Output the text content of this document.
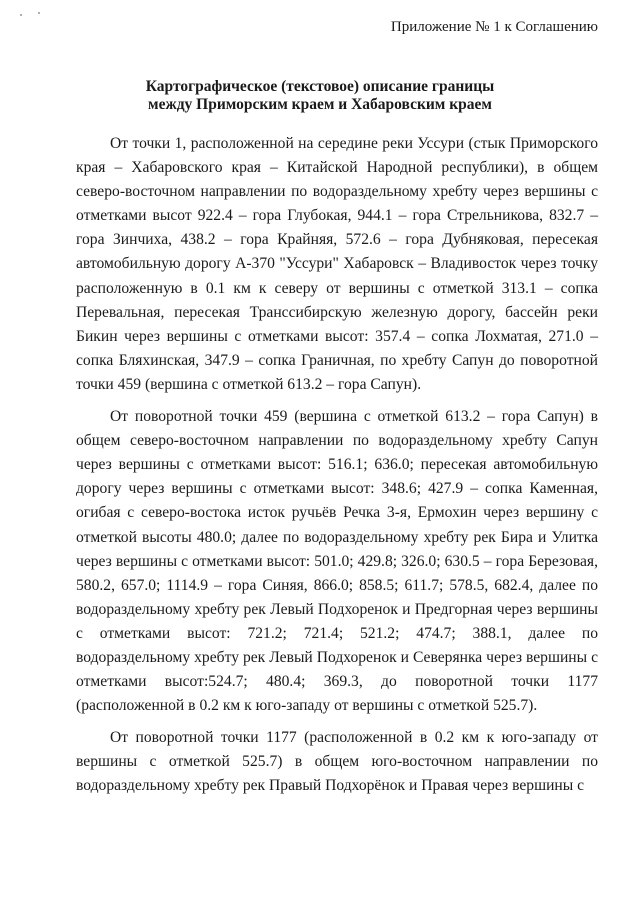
Приложение № 1 к Соглашению
Картографическое (текстовое) описание границы
между Приморским краем и Хабаровским краем

От точки 1, расположенной на середине реки Уссури (стык Приморского края – Хабаровского края – Китайской Народной республики), в общем северо-восточном направлении по водораздельному хребту через вершины с отметками высот 922.4 – гора Глубокая, 944.1 – гора Стрельникова, 832.7 – гора Зинчиха, 438.2 – гора Крайняя, 572.6 – гора Дубняковая, пересекая автомобильную дорогу А-370 "Уссури" Хабаровск – Владивосток через точку расположенную в 0.1 км к северу от вершины с отметкой 313.1 – сопка Перевальная, пересекая Транссибирскую железную дорогу, бассейн реки Бикин через вершины с отметками высот: 357.4 – сопка Лохматая, 271.0 – сопка Бляхинская, 347.9 – сопка Граничная, по хребту Сапун до поворотной точки 459 (вершина с отметкой 613.2 – гора Сапун).

От поворотной точки 459 (вершина с отметкой 613.2 – гора Сапун) в общем северо-восточном направлении по водораздельному хребту Сапун через вершины с отметками высот: 516.1; 636.0; пересекая автомобильную дорогу через вершины с отметками высот: 348.6; 427.9 – сопка Каменная, огибая с северо-востока исток ручьёв Речка 3-я, Ермохин через вершину с отметкой высоты 480.0; далее по водораздельному хребту рек Бира и Улитка через вершины с отметками высот: 501.0; 429.8; 326.0; 630.5 – гора Березовая, 580.2, 657.0; 1114.9 – гора Синяя, 866.0; 858.5; 611.7; 578.5, 682.4, далее по водораздельному хребту рек Левый Подхоренок и Предгорная через вершины с отметками высот: 721.2; 721.4; 521.2; 474.7; 388.1, далее по водораздельному хребту рек Левый Подхоренок и Северянка через вершины с отметками высот:524.7; 480.4; 369.3, до поворотной точки 1177 (расположенной в 0.2 км к юго-западу от вершины с отметкой 525.7).

От поворотной точки 1177 (расположенной в 0.2 км к юго-западу от вершины с отметкой 525.7) в общем юго-восточном направлении по водораздельному хребту рек Правый Подхорёнок и Правая через вершины с
